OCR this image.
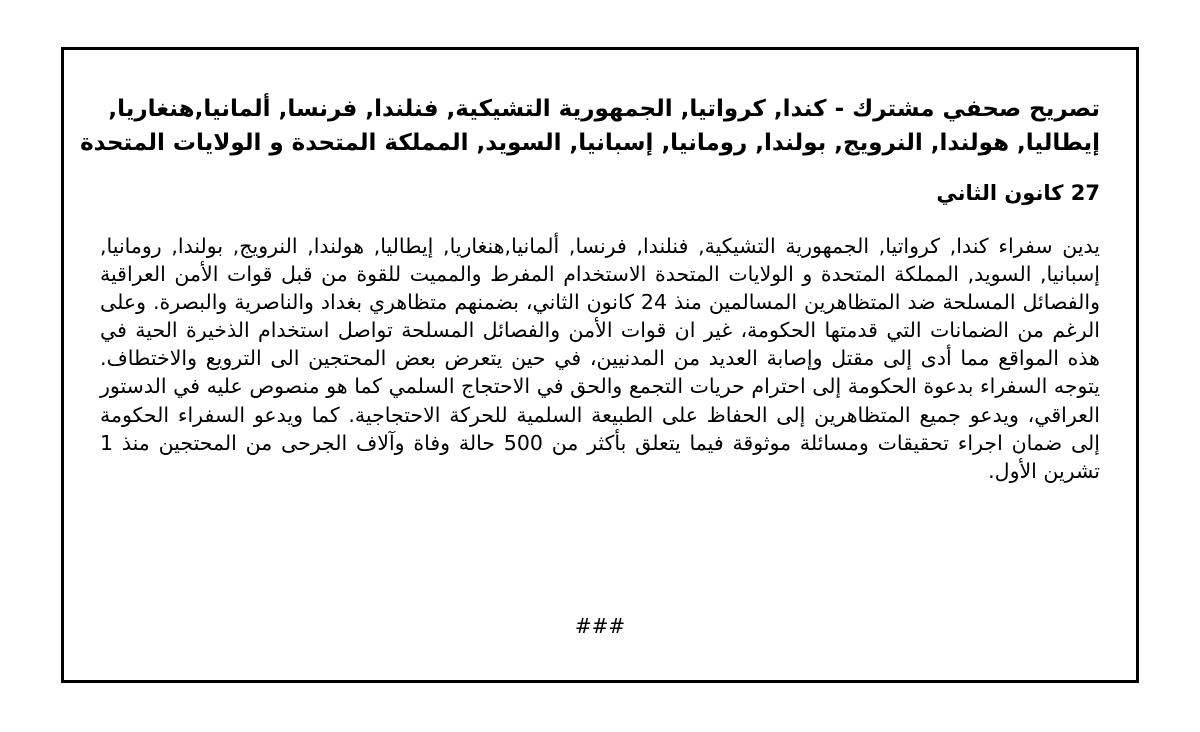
تصريح صحفي مشترك - كندا, كرواتيا, الجمهورية التشيكية, فنلندا, فرنسا, ألمانيا,هنغاريا,
إيطاليا, هولندا, النرويج, بولندا, رومانيا, إسبانيا, السويد, المملكة المتحدة و الولايات المتحدة

27 كانون الثاني

يدين سفراء كندا, كرواتيا, الجمهورية التشيكية, فنلندا, فرنسا, ألمانيا,هنغاريا, إيطاليا, هولندا, النرويج, بولندا, رومانيا, إسبانيا, السويد, المملكة المتحدة و الولايات المتحدة الاستخدام المفرط والمميت للقوة من قبل قوات الأمن العراقية والفصائل المسلحة ضد المتظاهرين المسالمين منذ 24 كانون الثاني، بضمنهم متظاهري بغداد والناصرية والبصرة. وعلى الرغم من الضمانات التي قدمتها الحكومة، غير ان قوات الأمن والفصائل المسلحة تواصل استخدام الذخيرة الحية في هذه المواقع مما أدى إلى مقتل وإصابة العديد من المدنيين، في حين يتعرض بعض المحتجين الى الترويع والاختطاف. يتوجه السفراء بدعوة الحكومة إلى احترام حريات التجمع والحق في الاحتجاج السلمي كما هو منصوص عليه في الدستور العراقي، ويدعو جميع المتظاهرين إلى الحفاظ على الطبيعة السلمية للحركة الاحتجاجية. كما ويدعو السفراء الحكومة إلى ضمان اجراء تحقيقات ومسائلة موثوقة فيما يتعلق بأكثر من 500 حالة وفاة وآلاف الجرحى من المحتجين منذ 1 تشرين الأول.

###
